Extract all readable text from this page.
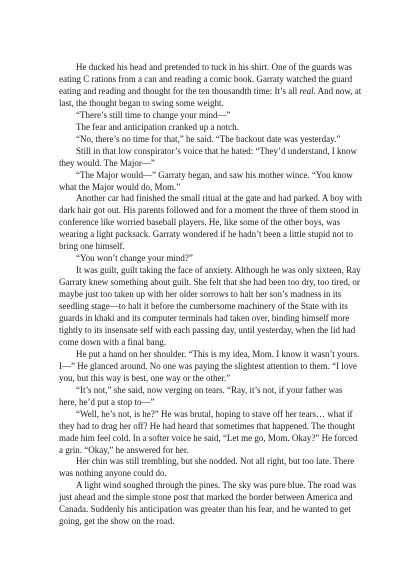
He ducked his head and pretended to tuck in his shirt. One of the guards was eating C rations from a can and reading a comic book. Garraty watched the guard eating and reading and thought for the ten thousandth time: It’s all real. And now, at last, the thought began to swing some weight.

“There’s still time to change your mind—”

The fear and anticipation cranked up a notch.

“No, there’s no time for that,” he said. “The backout date was yesterday.”

Still in that low conspirator’s voice that he hated: “They’d understand, I know they would. The Major—”

“The Major would—” Garraty began, and saw his mother wince. “You know what the Major would do, Mom.”

Another car had finished the small ritual at the gate and had parked. A boy with dark hair got out. His parents followed and for a moment the three of them stood in conference like worried baseball players. He, like some of the other boys, was wearing a light packsack. Garraty wondered if he hadn’t been a little stupid not to bring one himself.

“You won’t change your mind?”

It was guilt, guilt taking the face of anxiety. Although he was only sixteen, Ray Garraty knew something about guilt. She felt that she had been too dry, too tired, or maybe just too taken up with her older sorrows to halt her son’s madness in its seedling stage—to halt it before the cumbersome machinery of the State with its guards in khaki and its computer terminals had taken over, binding himself more tightly to its insensate self with each passing day, until yesterday, when the lid had come down with a final bang.

He put a hand on her shoulder. “This is my idea, Mom. I know it wasn’t yours. I—” He glanced around. No one was paying the slightest attention to them. “I love you, but this way is best, one way or the other.”

“It’s not,” she said, now verging on tears. “Ray, it’s not, if your father was here, he’d put a stop to—”

“Well, he’s not, is he?” He was brutal, hoping to stave off her tears… what if they had to drag her off? He had heard that sometimes that happened. The thought made him feel cold. In a softer voice he said, “Let me go, Mom. Okay?” He forced a grin. “Okay,” he answered for her.

Her chin was still trembling, but she nodded. Not all right, but too late. There was nothing anyone could do.

A light wind soughed through the pines. The sky was pure blue. The road was just ahead and the simple stone post that marked the border between America and Canada. Suddenly his anticipation was greater than his fear, and he wanted to get going, get the show on the road.
